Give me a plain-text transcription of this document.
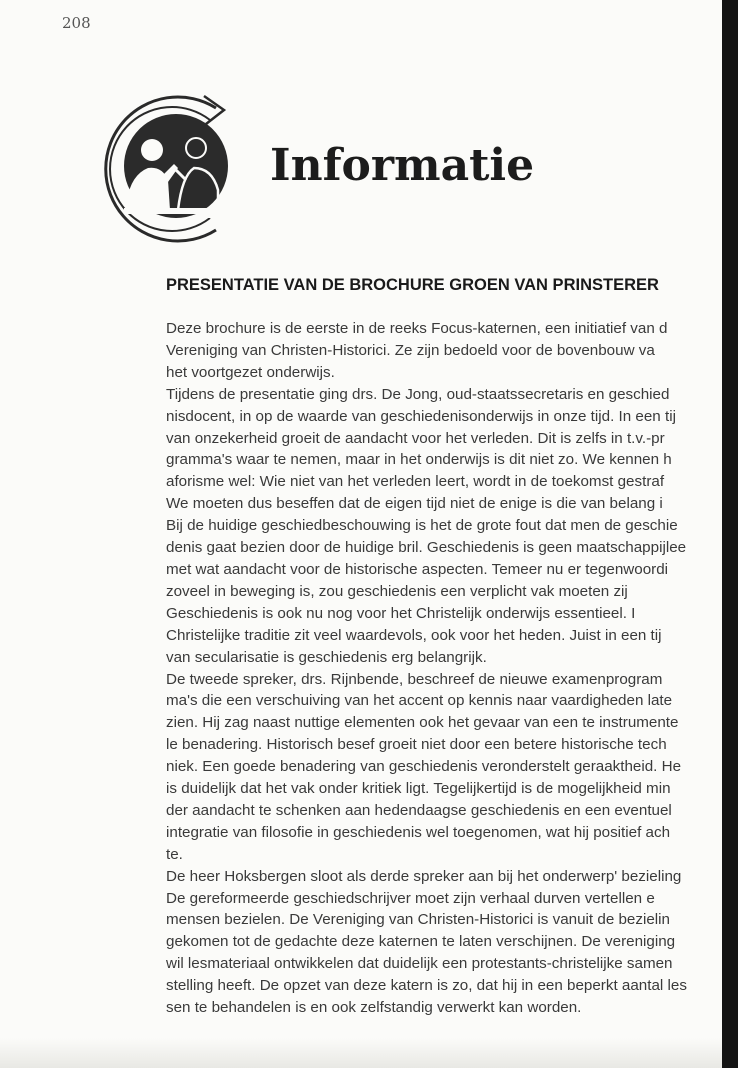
208
Informatie
PRESENTATIE VAN DE BROCHURE GROEN VAN PRINSTERER
Deze brochure is de eerste in de reeks Focus-katernen, een initiatief van d
Vereniging van Christen-Historici. Ze zijn bedoeld voor de bovenbouw va
het voortgezet onderwijs.
Tijdens de presentatie ging drs. De Jong, oud-staatssecretaris en geschied
nisdocent, in op de waarde van geschiedenisonderwijs in onze tijd. In een tij
van onzekerheid groeit de aandacht voor het verleden. Dit is zelfs in t.v.-pr
gramma's waar te nemen, maar in het onderwijs is dit niet zo. We kennen h
aforisme wel: Wie niet van het verleden leert, wordt in de toekomst gestraf
We moeten dus beseffen dat de eigen tijd niet de enige is die van belang i
Bij de huidige geschiedbeschouwing is het de grote fout dat men de geschie
denis gaat bezien door de huidige bril. Geschiedenis is geen maatschappijlee
met wat aandacht voor de historische aspecten. Temeer nu er tegenwoordi
zoveel in beweging is, zou geschiedenis een verplicht vak moeten zij
Geschiedenis is ook nu nog voor het Christelijk onderwijs essentieel. I
Christelijke traditie zit veel waardevols, ook voor het heden. Juist in een tij
van secularisatie is geschiedenis erg belangrijk.
De tweede spreker, drs. Rijnbende, beschreef de nieuwe examenprogram
ma's die een verschuiving van het accent op kennis naar vaardigheden late
zien. Hij zag naast nuttige elementen ook het gevaar van een te instrumente
le benadering. Historisch besef groeit niet door een betere historische tech
niek. Een goede benadering van geschiedenis veronderstelt geraaktheid. He
is duidelijk dat het vak onder kritiek ligt. Tegelijkertijd is de mogelijkheid min
der aandacht te schenken aan hedendaagse geschiedenis en een eventuel
integratie van filosofie in geschiedenis wel toegenomen, wat hij positief ach
te.
De heer Hoksbergen sloot als derde spreker aan bij het onderwerp' bezieling
De gereformeerde geschiedschrijver moet zijn verhaal durven vertellen e
mensen bezielen. De Vereniging van Christen-Historici is vanuit de bezielin
gekomen tot de gedachte deze katernen te laten verschijnen. De vereniging
wil lesmateriaal ontwikkelen dat duidelijk een protestants-christelijke samen
stelling heeft. De opzet van deze katern is zo, dat hij in een beperkt aantal les
sen te behandelen is en ook zelfstandig verwerkt kan worden.
